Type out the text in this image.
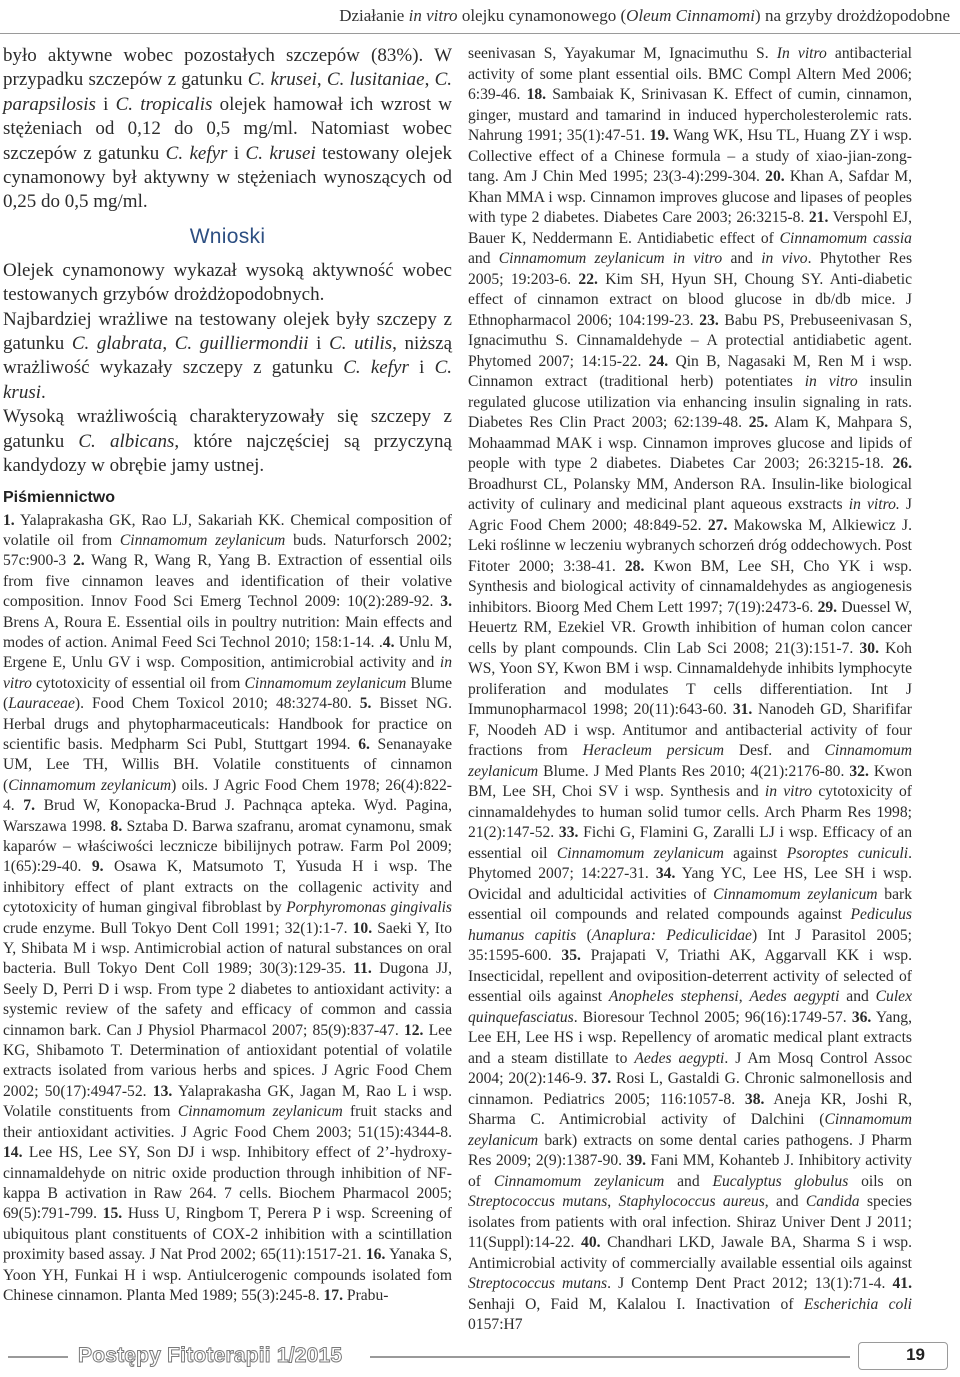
Działanie in vitro olejku cynamonowego (Oleum Cinnamomi) na grzyby drożdżopodobne

było aktywne wobec pozostałych szczepów (83%). W przypadku szczepów z gatunku C. krusei, C. lusitaniae, C. parapsilosis i C. tropicalis olejek hamował ich wzrost w stężeniach od 0,12 do 0,5 mg/ml. Natomiast wobec szczepów z gatunku C. kefyr i C. krusei testowany olejek cynamonowy był aktywny w stężeniach wynoszących od 0,25 do 0,5 mg/ml.

Wnioski

Olejek cynamonowy wykazał wysoką aktywność wobec testowanych grzybów drożdżopodobnych.

Najbardziej wrażliwe na testowany olejek były szczepy z gatunku C. glabrata, C. guilliermondii i C. utilis, niższą wrażliwość wykazały szczepy z gatunku C. kefyr i C. krusi.

Wysoką wrażliwością charakteryzowały się szczepy z gatunku C. albicans, które najczęściej są przyczyną kandydozy w obrębie jamy ustnej.

Piśmiennictwo

1. Yalaprakasha GK, Rao LJ, Sakariah KK. Chemical composition of volatile oil from Cinnamomum zeylanicum buds. Naturforsch 2002; 57c:900-3 2. Wang R, Wang R, Yang B. Extraction of essential oils from five cinnamon leaves and identification of their volative composition. Innov Food Sci Emerg Technol 2009: 10(2):289-92. 3. Brens A, Roura E. Essential oils in poultry nutrition: Main effects and modes of action. Animal Feed Sci Technol 2010; 158:1-14. .4. Unlu M, Ergene E, Unlu GV i wsp. Composition, antimicrobial activity and in vitro cytotoxicity of essential oil from Cinnamomum zeylanicum Blume (Lauraceae). Food Chem Toxicol 2010; 48:3274-80. 5. Bisset NG. Herbal drugs and phytopharmaceuticals: Handbook for practice on scientific basis. Medpharm Sci Publ, Stuttgart 1994. 6. Senanayake UM, Lee TH, Willis BH. Volatile constituents of cinnamon (Cinnamomum zeylanicum) oils. J Agric Food Chem 1978; 26(4):822-4. 7. Brud W, Konopacka-Brud J. Pachnąca apteka. Wyd. Pagina, Warszawa 1998. 8. Sztaba D. Barwa szafranu, aromat cynamonu, smak kaparów – właściwości lecznicze bibilijnych potraw. Farm Pol 2009; 1(65):29-40. 9. Osawa K, Matsumoto T, Yusuda H i wsp. The inhibitory effect of plant extracts on the collagenic activity and cytotoxicity of human gingival fibroblast by Porphyromonas gingivalis crude enzyme. Bull Tokyo Dent Coll 1991; 32(1):1-7. 10. Saeki Y, Ito Y, Shibata M i wsp. Antimicrobial action of natural substances on oral bacteria. Bull Tokyo Dent Coll 1989; 30(3):129-35. 11. Dugona JJ, Seely D, Perri D i wsp. From type 2 diabetes to antioxidant activity: a systemic review of the safety and efficacy of common and cassia cinnamon bark. Can J Physiol Pharmacol 2007; 85(9):837-47. 12. Lee KG, Shibamoto T. Determination of antioxidant potential of volatile extracts isolated from various herbs and spices. J Agric Food Chem 2002; 50(17):4947-52. 13. Yalaprakasha GK, Jagan M, Rao L i wsp. Volatile constituents from Cinnamomum zeylanicum fruit stacks and their antioxidant activities. J Agric Food Chem 2003; 51(15):4344-8. 14. Lee HS, Lee SY, Son DJ i wsp. Inhibitory effect of 2’-hydroxy-cinnamaldehyde on nitric oxide production through inhibition of NF-kappa B activation in Raw 264. 7 cells. Biochem Pharmacol 2005; 69(5):791-799. 15. Huss U, Ringbom T, Perera P i wsp. Screening of ubiquitous plant constituents of COX-2 inhibition with a scintillation proximity based assay. J Nat Prod 2002; 65(11):1517-21. 16. Yanaka S, Yoon YH, Funkai H i wsp. Antiulcerogenic compounds isolated fom Chinese cinnamon. Planta Med 1989; 55(3):245-8. 17. Prabu-

seenivasan S, Yayakumar M, Ignacimuthu S. In vitro antibacterial activity of some plant essential oils. BMC Compl Altern Med 2006; 6:39-46. 18. Sambaiak K, Srinivasan K. Effect of cumin, cinnamon, ginger, mustard and tamarind in induced hypercholesterolemic rats. Nahrung 1991; 35(1):47-51. 19. Wang WK, Hsu TL, Huang ZY i wsp. Collective effect of a Chinese formula – a study of xiao-jian-zong-tang. Am J Chin Med 1995; 23(3-4):299-304. 20. Khan A, Safdar M, Khan MMA i wsp. Cinnamon improves glucose and lipases of peoples with type 2 diabetes. Diabetes Care 2003; 26:3215-8. 21. Verspohl EJ, Bauer K, Neddermann E. Antidiabetic effect of Cinnamomum cassia and Cinnamomum zeylanicum in vitro and in vivo. Phytother Res 2005; 19:203-6. 22. Kim SH, Hyun SH, Choung SY. Anti-diabetic effect of cinnamon extract on blood glucose in db/db mice. J Ethnopharmacol 2006; 104:199-23. 23. Babu PS, Prebuseenivasan S, Ignacimuthu S. Cinnamaldehyde – A protectial antidiabetic agent. Phytomed 2007; 14:15-22. 24. Qin B, Nagasaki M, Ren M i wsp. Cinnamon extract (traditional herb) potentiates in vitro insulin regulated glucose utilization via enhancing insulin signaling in rats. Diabetes Res Clin Pract 2003; 62:139-48. 25. Alam K, Mahpara S, Mohaammad MAK i wsp. Cinnamon improves glucose and lipids of people with type 2 diabetes. Diabetes Car 2003; 26:3215-18. 26. Broadhurst CL, Polansky MM, Anderson RA. Insulin-like biological activity of culinary and medicinal plant aqueous exstracts in vitro. J Agric Food Chem 2000; 48:849-52. 27. Makowska M, Alkiewicz J. Leki roślinne w leczeniu wybranych schorzeń dróg oddechowych. Post Fitoter 2000; 3:38-41. 28. Kwon BM, Lee SH, Cho YK i wsp. Synthesis and biological activity of cinnamaldehydes as angiogenesis inhibitors. Bioorg Med Chem Lett 1997; 7(19):2473-6. 29. Duessel W, Heuertz RM, Ezekiel VR. Growth inhibition of human colon cancer cells by plant compounds. Clin Lab Sci 2008; 21(3):151-7. 30. Koh WS, Yoon SY, Kwon BM i wsp. Cinnamaldehyde inhibits lymphocyte proliferation and modulates T cells differentiation. Int J Immunopharmacol 1998; 20(11):643-60. 31. Nanodeh GD, Sharififar F, Noodeh AD i wsp. Antitumor and antibacterial activity of four fractions from Heracleum persicum Desf. and Cinnamomum zeylanicum Blume. J Med Plants Res 2010; 4(21):2176-80. 32. Kwon BM, Lee SH, Choi SV i wsp. Synthesis and in vitro cytotoxicity of cinnamaldehydes to human solid tumor cells. Arch Pharm Res 1998; 21(2):147-52. 33. Fichi G, Flamini G, Zaralli LJ i wsp. Efficacy of an essential oil Cinnamomum zeylanicum against Psoroptes cuniculi. Phytomed 2007; 14:227-31. 34. Yang YC, Lee HS, Lee SH i wsp. Ovicidal and adulticidal activities of Cinnamomum zeylanicum bark essential oil compounds and related compounds against Pediculus humanus capitis (Anaplura: Pediculicidae) Int J Parasitol 2005; 35:1595-600. 35. Prajapati V, Triathi AK, Aggarvall KK i wsp. Insecticidal, repellent and oviposition-deterrent activity of selected of essential oils against Anopheles stephensi, Aedes aegypti and Culex quinquefasciatus. Bioresour Technol 2005; 96(16):1749-57. 36. Yang, Lee EH, Lee HS i wsp. Repellency of aromatic medical plant extracts and a steam distillate to Aedes aegypti. J Am Mosq Control Assoc 2004; 20(2):146-9. 37. Rosi L, Gastaldi G. Chronic salmonellosis and cinnamon. Pediatrics 2005; 116:1057-8. 38. Aneja KR, Joshi R, Sharma C. Antimicrobial activity of Dalchini (Cinnamomum zeylanicum bark) extracts on some dental caries pathogens. J Pharm Res 2009; 2(9):1387-90. 39. Fani MM, Kohanteb J. Inhibitory activity of Cinnamomum zeylanicum and Eucalyptus globulus oils on Streptococcus mutans, Staphylococcus aureus, and Candida species isolates from patients with oral infection. Shiraz Univer Dent J 2011; 11(Suppl):14-22. 40. Chandhari LKD, Jawale BA, Sharma S i wsp. Antimicrobial activity of commercially available essential oils against Streptococcus mutans. J Contemp Dent Pract 2012; 13(1):71-4. 41. Senhaji O, Faid M, Kalalou I. Inactivation of Escherichia coli 0157:H7

Postępy Fitoterapii 1/2015	19
